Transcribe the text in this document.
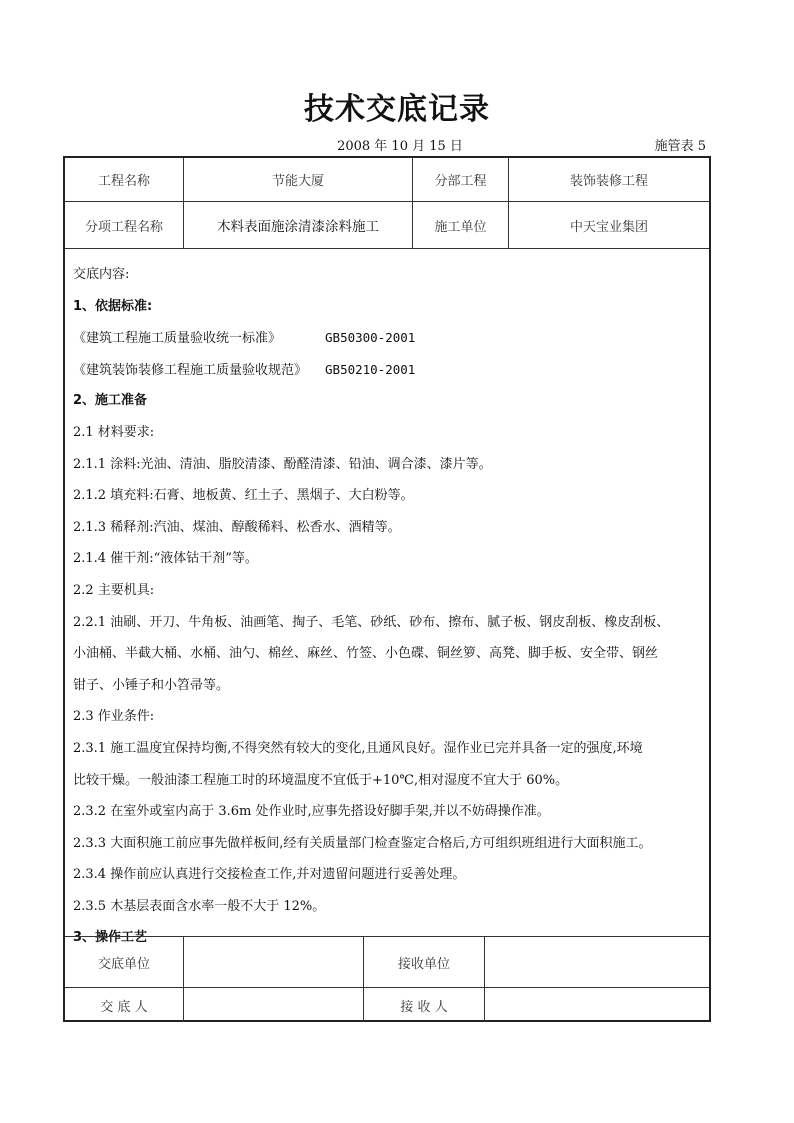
技术交底记录
2008 年 10 月 15 日	施管表 5
工程名称	节能大厦	分部工程	装饰装修工程
分项工程名称	木料表面施涂清漆涂料施工	施工单位	中天宝业集团
交底内容:
1、依据标准:
《建筑工程施工质量验收统一标准》	GB50300-2001
《建筑装饰装修工程施工质量验收规范》 GB50210-2001
2、施工准备
2.1 材料要求:
2.1.1 涂料:光油、清油、脂胶清漆、酚醛清漆、铅油、调合漆、漆片等。
2.1.2 填充料:石膏、地板黄、红土子、黑烟子、大白粉等。
2.1.3 稀释剂:汽油、煤油、醇酸稀料、松香水、酒精等。
2.1.4 催干剂:“液体钴干剂”等。
2.2 主要机具:
2.2.1 油刷、开刀、牛角板、油画笔、掏子、毛笔、砂纸、砂布、擦布、腻子板、钢皮刮板、橡皮刮板、
小油桶、半截大桶、水桶、油勺、棉丝、麻丝、竹签、小色碟、铜丝箩、高凳、脚手板、安全带、钢丝
钳子、小锤子和小笤帚等。
2.3 作业条件:
2.3.1 施工温度宜保持均衡,不得突然有较大的变化,且通风良好。湿作业已完并具备一定的强度,环境
比较干燥。一般油漆工程施工时的环境温度不宜低于+10℃,相对湿度不宜大于 60%。
2.3.2 在室外或室内高于 3.6m 处作业时,应事先搭设好脚手架,并以不妨碍操作准。
2.3.3 大面积施工前应事先做样板间,经有关质量部门检查鉴定合格后,方可组织班组进行大面积施工。
2.3.4 操作前应认真进行交接检查工作,并对遗留问题进行妥善处理。
2.3.5 木基层表面含水率一般不大于 12%。
3、操作工艺
交底单位	接收单位
交 底 人	接 收 人
